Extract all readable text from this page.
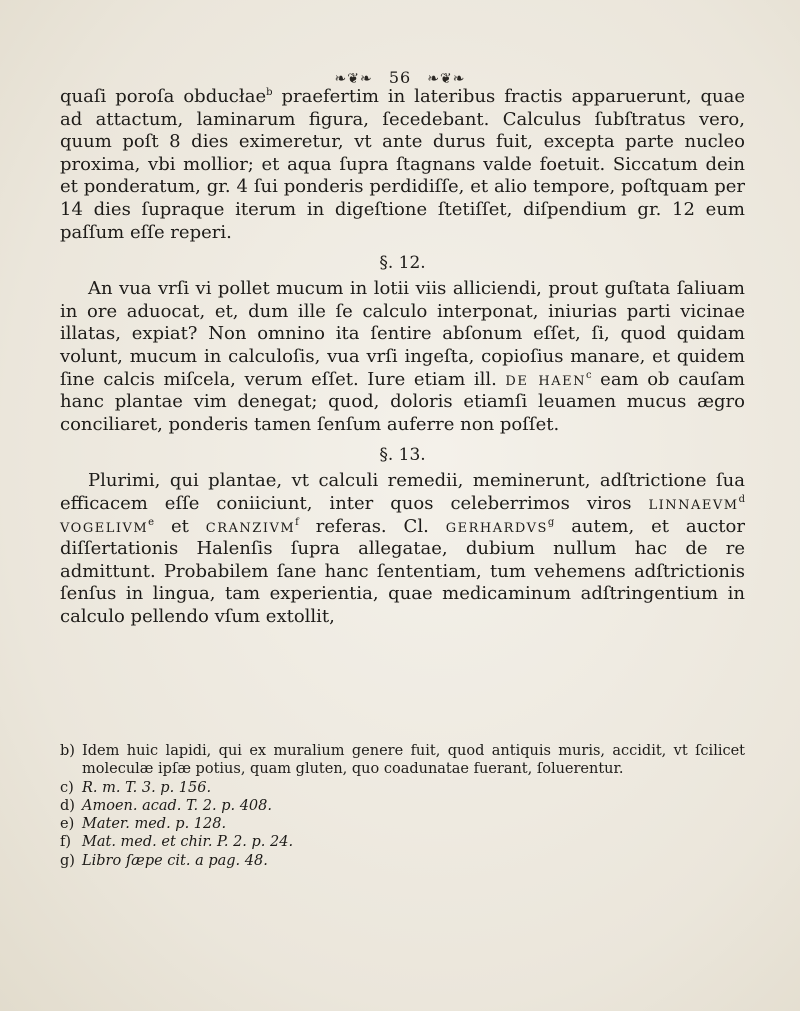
❧❦❧ 56 ❧❦❧

quaſi poroſa obducłae$^b$ praefertim in lateribus fractis apparuerunt, quae ad attactum, laminarum figura, ſecedebant. Calculus ſubſtratus vero, quum poſt 8 dies eximeretur, vt ante durus fuit, excepta parte nucleo proxima, vbi mollior; et aqua ſupra ſtagnans valde foetuit. Siccatum dein et ponderatum, gr. 4 ſui ponderis perdidiſſe, et alio tempore, poſtquam per 14 dies ſupraque iterum in digeſtione ſtetiſſet, diſpendium gr. 12 eum paſſum eſſe reperi.

§. 12.

An vua vrſi vi pollet mucum in lotii viis alliciendi, prout guſtata ſaliuam in ore aduocat, et, dum ille ſe calculo interponat, iniurias parti vicinae illatas, expiat? Non omnino ita ſentire abſonum eſſet, ſi, quod quidam volunt, mucum in calculoſis, vua vrſi ingeſta, copioſius manare, et quidem ſine calcis miſcela, verum eſſet. Iure etiam ill. de haen$^c$ eam ob cauſam hanc plantae vim denegat; quod, doloris etiamſi leuamen mucus ægro conciliaret, ponderis tamen ſenſum auferre non poſſet.

§. 13.

Plurimi, qui plantae, vt calculi remedii, meminerunt, adſtrictione ſua efficacem eſſe coniiciunt, inter quos celeberrimos viros linnaevm$^d$ vogelivm$^e$ et cranzivm$^f$ referas. Cl. gerhardvs$^g$ autem, et auctor diſſertationis Halenſis ſupra allegatae, dubium nullum hac de re admittunt. Probabilem ſane hanc ſententiam, tum vehemens adſtrictionis ſenſus in lingua, tam experientia, quae medicaminum adſtringentium in calculo pellendo vſum extollit,

b) Idem huic lapidi, qui ex muralium genere fuit, quod antiquis muris, accidit, vt ſcilicet moleculæ ipſæ potius, quam gluten, quo coadunatae fuerant, ſoluerentur.
c) R. m. T. 3. p. 156.
d) Amoen. acad. T. 2. p. 408.
e) Mater. med. p. 128.
f) Mat. med. et chir. P. 2. p. 24.
g) Libro ſæpe cit. a pag. 48.
